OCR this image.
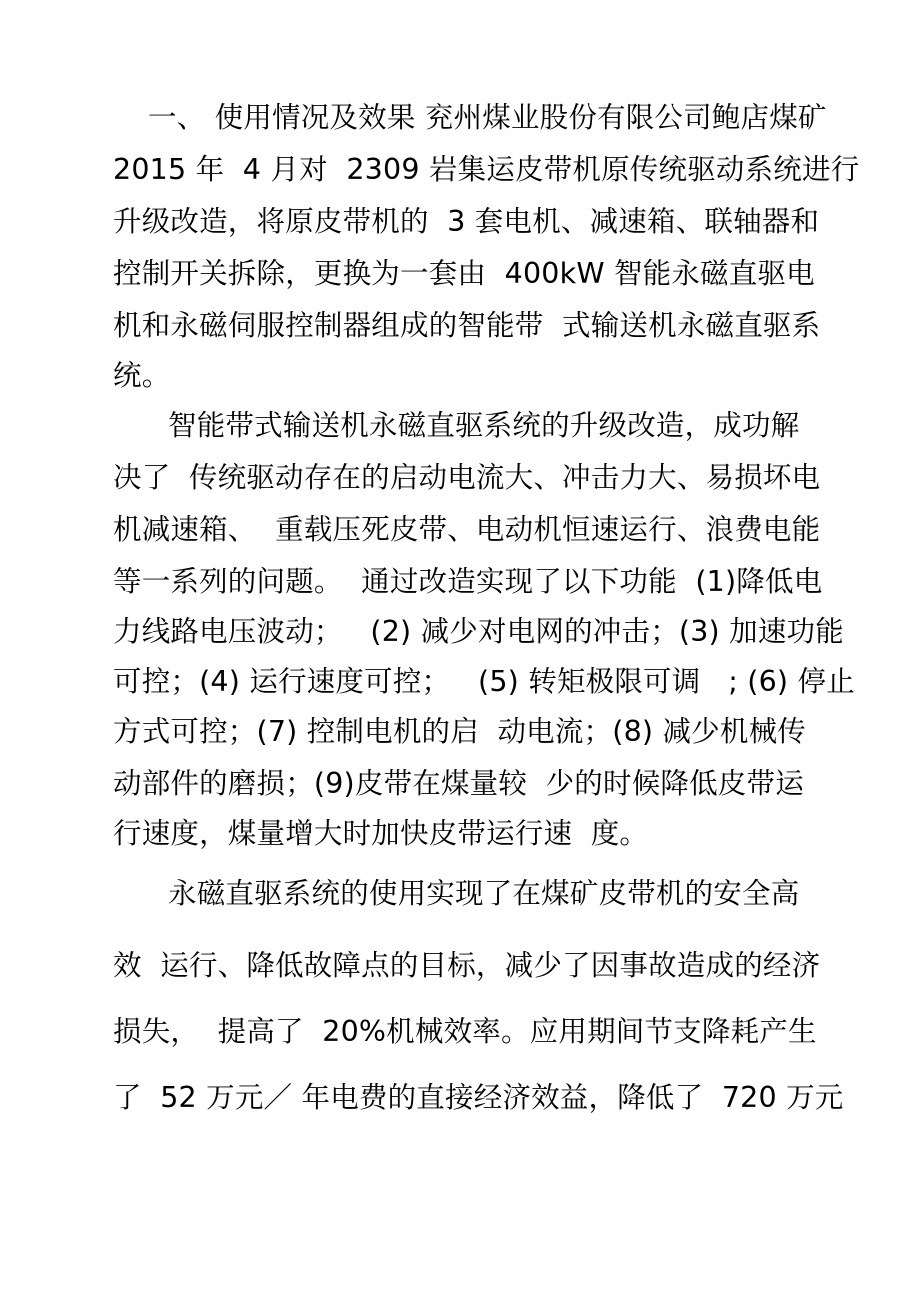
一、 使用情况及效果 兖州煤业股份有限公司鲍店煤矿
2015 年  4 月对  2309 岩集运皮带机原传统驱动系统进行
升级改造，将原皮带机的  3 套电机、减速箱、联轴器和
控制开关拆除，更换为一套由  400kW 智能永磁直驱电
机和永磁伺服控制器组成的智能带  式输送机永磁直驱系
统。
智能带式输送机永磁直驱系统的升级改造，成功解
决了  传统驱动存在的启动电流大、冲击力大、易损坏电
机减速箱、  重载压死皮带、电动机恒速运行、浪费电能
等一系列的问题。  通过改造实现了以下功能  (1)降低电
力线路电压波动；   (2) 减少对电网的冲击；(3) 加速功能
可控；(4) 运行速度可控；   (5) 转矩极限可调   ; (6) 停止
方式可控；(7) 控制电机的启  动电流；(8) 减少机械传
动部件的磨损；(9)皮带在煤量较  少的时候降低皮带运
行速度，煤量增大时加快皮带运行速  度。
永磁直驱系统的使用实现了在煤矿皮带机的安全高
效  运行、降低故障点的目标，减少了因事故造成的经济
损失，  提高了  20%机械效率。应用期间节支降耗产生
了  52 万元／ 年电费的直接经济效益，降低了  720 万元
